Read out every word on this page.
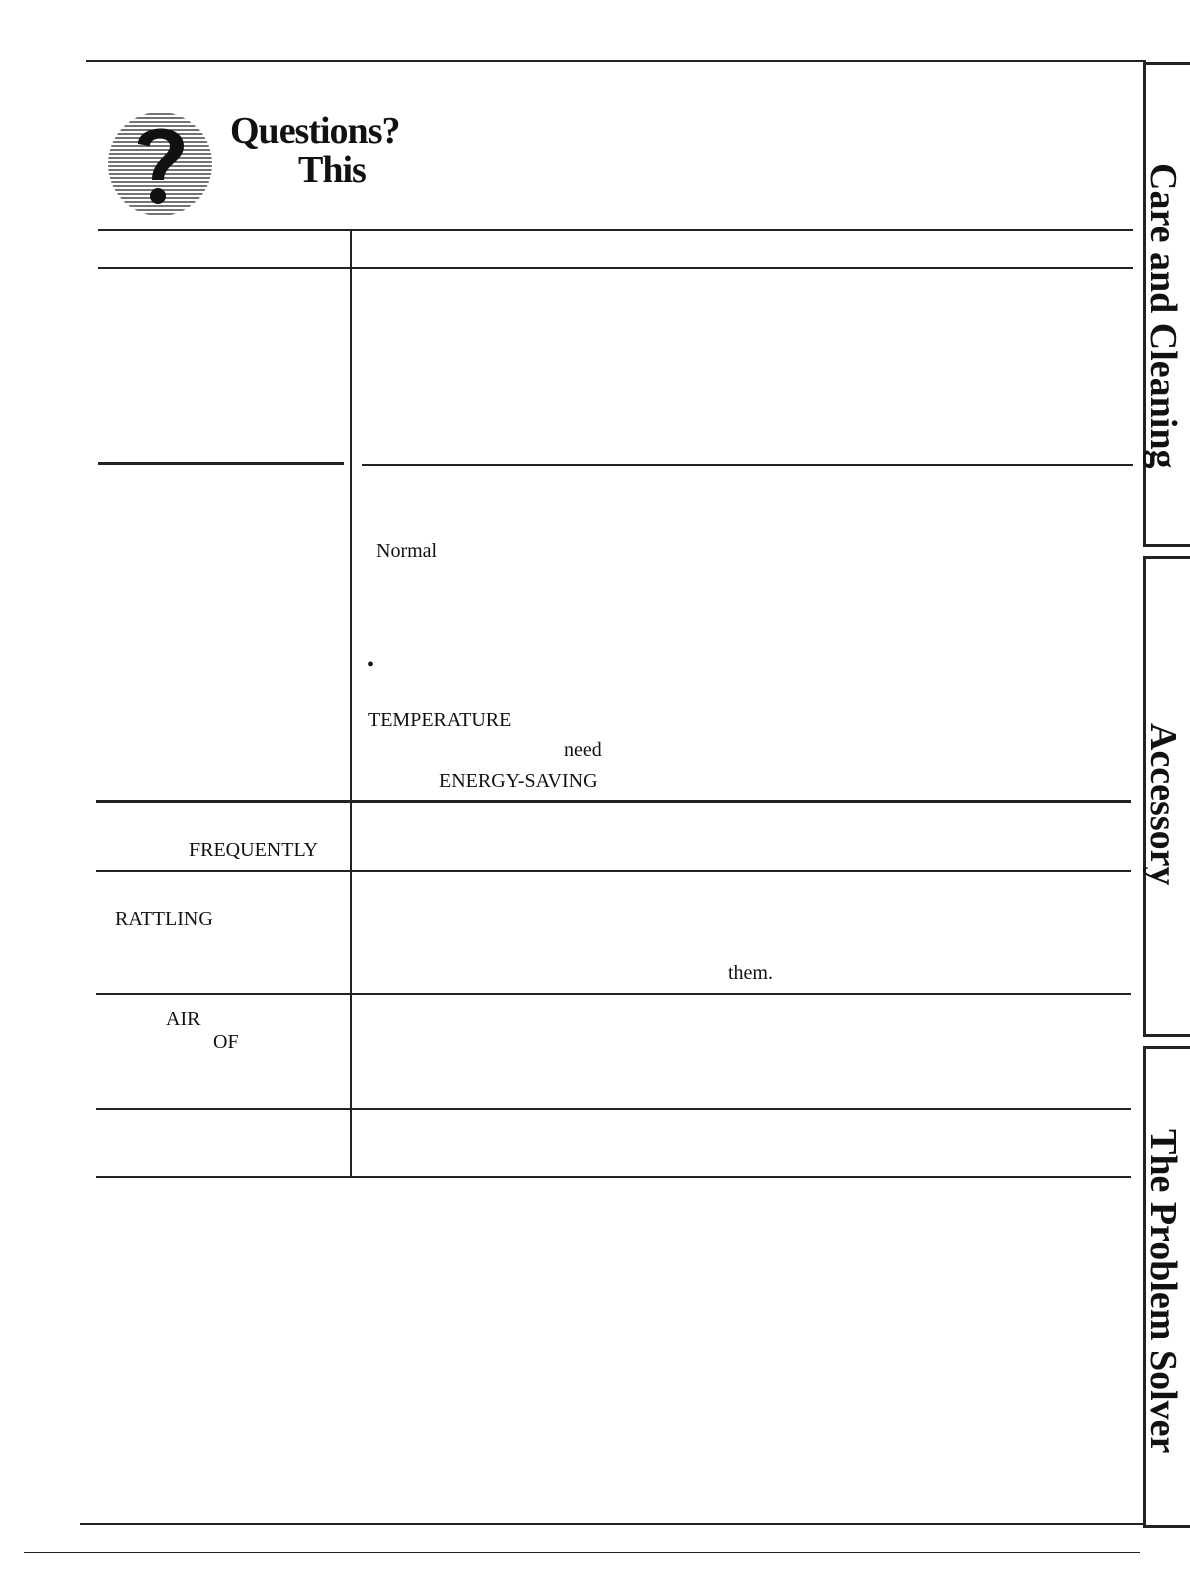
Questions?
This
Normal
•
TEMPERATURE
need
ENERGY-SAVING
FREQUENTLY
RATTLING
them.
AIR
OF
Care and Cleaning
Accessory
The Problem Solver
